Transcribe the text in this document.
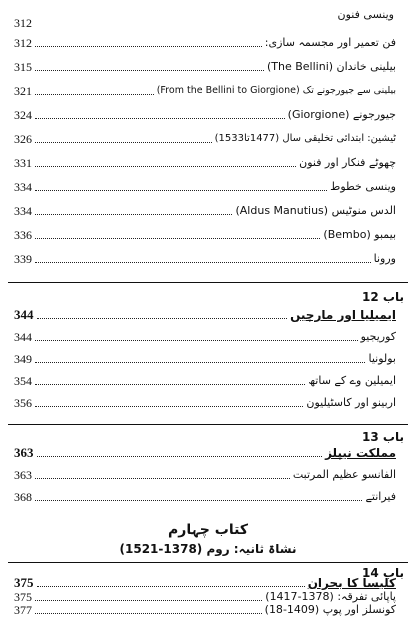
وینسی فنون
312
312	فن تعمیر اور مجسمہ سازی:
315	بیلینی خاندان (The Bellini)
321	بیلینی سے جیورجونے تک (From the Bellini to Giorgione)
324	جیورجونے (Giorgione)
326	ٹیشین: ابتدائی تخلیقی سال (1477تا1533)
331	چھوٹے فنکار اور فنون
334	وینسی خطوط
334	الدس منوٹیس (Aldus Manutius)
336	بیمبو (Bembo)
339	ورونا
باب 12
344	ایمیلیا اور مارچیں
344	کوریجیو
349	بولونیا
354	ایمیلین وے کے ساتھ
356	اربینو اور کاسٹیلیون
باب 13
363	مملکت نیپلز
363	الفانسو عظیم المرتبت
368	فیرانتے
کتاب چہارم
نشاۃ ثانیہ: روم (1378-1521)
باب 14
375	کلیسا کا بحران
375	پاپائی تفرقہ: (1378-1417)
377	کونسلز اور پوپ (1409-18)
